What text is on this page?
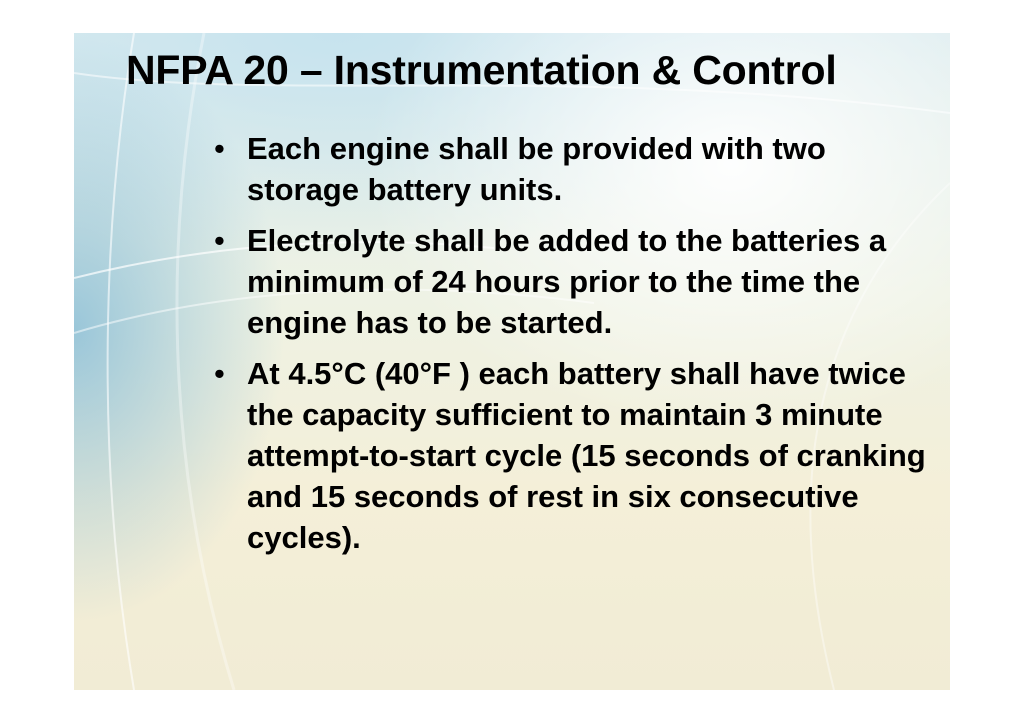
NFPA 20 – Instrumentation & Control
• Each engine shall be provided with two storage battery units.
• Electrolyte shall be added to the batteries a minimum of 24 hours prior to the time the engine has to be started.
• At 4.5°C (40°F ) each battery shall have twice the capacity sufficient to maintain 3 minute attempt-to-start cycle (15 seconds of cranking and 15 seconds of rest in six consecutive cycles).
